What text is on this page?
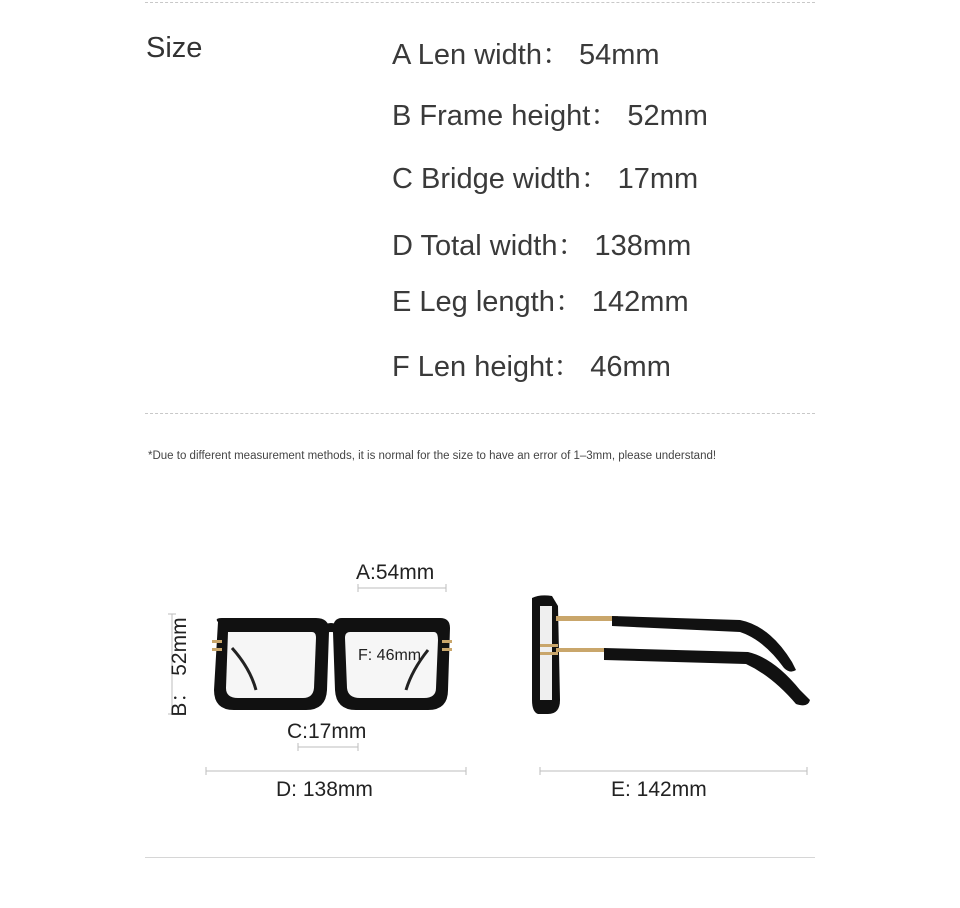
Size	A Len width： 54mm
B Frame height： 52mm
C Bridge width： 17mm
D Total width： 138mm
E Leg length： 142mm
F Len height： 46mm
*Due to different measurement methods, it is normal for the size to have an error of 1–3mm, please understand!
A:54mm
B： 52mm	F: 46mm
C:17mm
D: 138mm	E: 142mm
